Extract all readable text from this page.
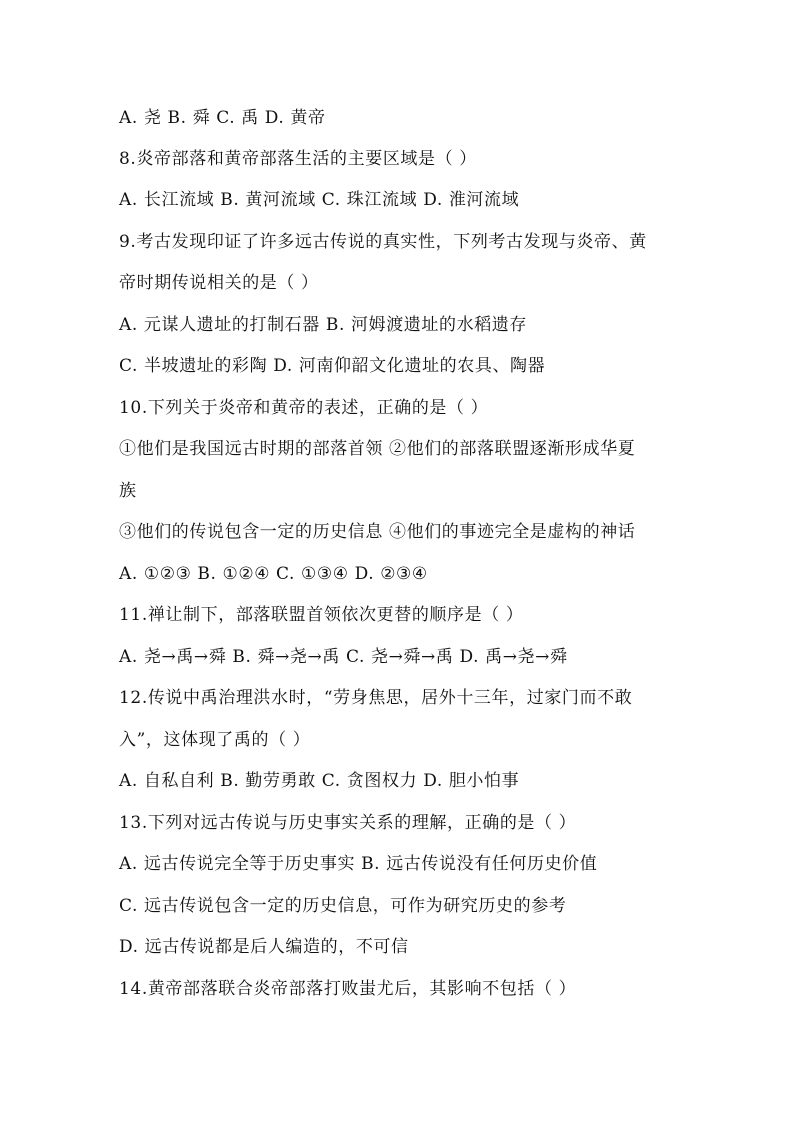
A. 尧 B. 舜 C. 禹 D. 黄帝
8.炎帝部落和黄帝部落生活的主要区域是（ ）
A. 长江流域 B. 黄河流域 C. 珠江流域 D. 淮河流域
9.考古发现印证了许多远古传说的真实性，下列考古发现与炎帝、黄
帝时期传说相关的是（ ）
A. 元谋人遗址的打制石器 B. 河姆渡遗址的水稻遗存
C. 半坡遗址的彩陶 D. 河南仰韶文化遗址的农具、陶器
10.下列关于炎帝和黄帝的表述，正确的是（ ）
①他们是我国远古时期的部落首领 ②他们的部落联盟逐渐形成华夏
族
③他们的传说包含一定的历史信息 ④他们的事迹完全是虚构的神话
A. ①②③ B. ①②④ C. ①③④ D. ②③④
11.禅让制下，部落联盟首领依次更替的顺序是（ ）
A. 尧→禹→舜 B. 舜→尧→禹 C. 尧→舜→禹 D. 禹→尧→舜
12.传说中禹治理洪水时，“劳身焦思，居外十三年，过家门而不敢
入”，这体现了禹的（ ）
A. 自私自利 B. 勤劳勇敢 C. 贪图权力 D. 胆小怕事
13.下列对远古传说与历史事实关系的理解，正确的是（ ）
A. 远古传说完全等于历史事实 B. 远古传说没有任何历史价值
C. 远古传说包含一定的历史信息，可作为研究历史的参考
D. 远古传说都是后人编造的，不可信
14.黄帝部落联合炎帝部落打败蚩尤后，其影响不包括（ ）
